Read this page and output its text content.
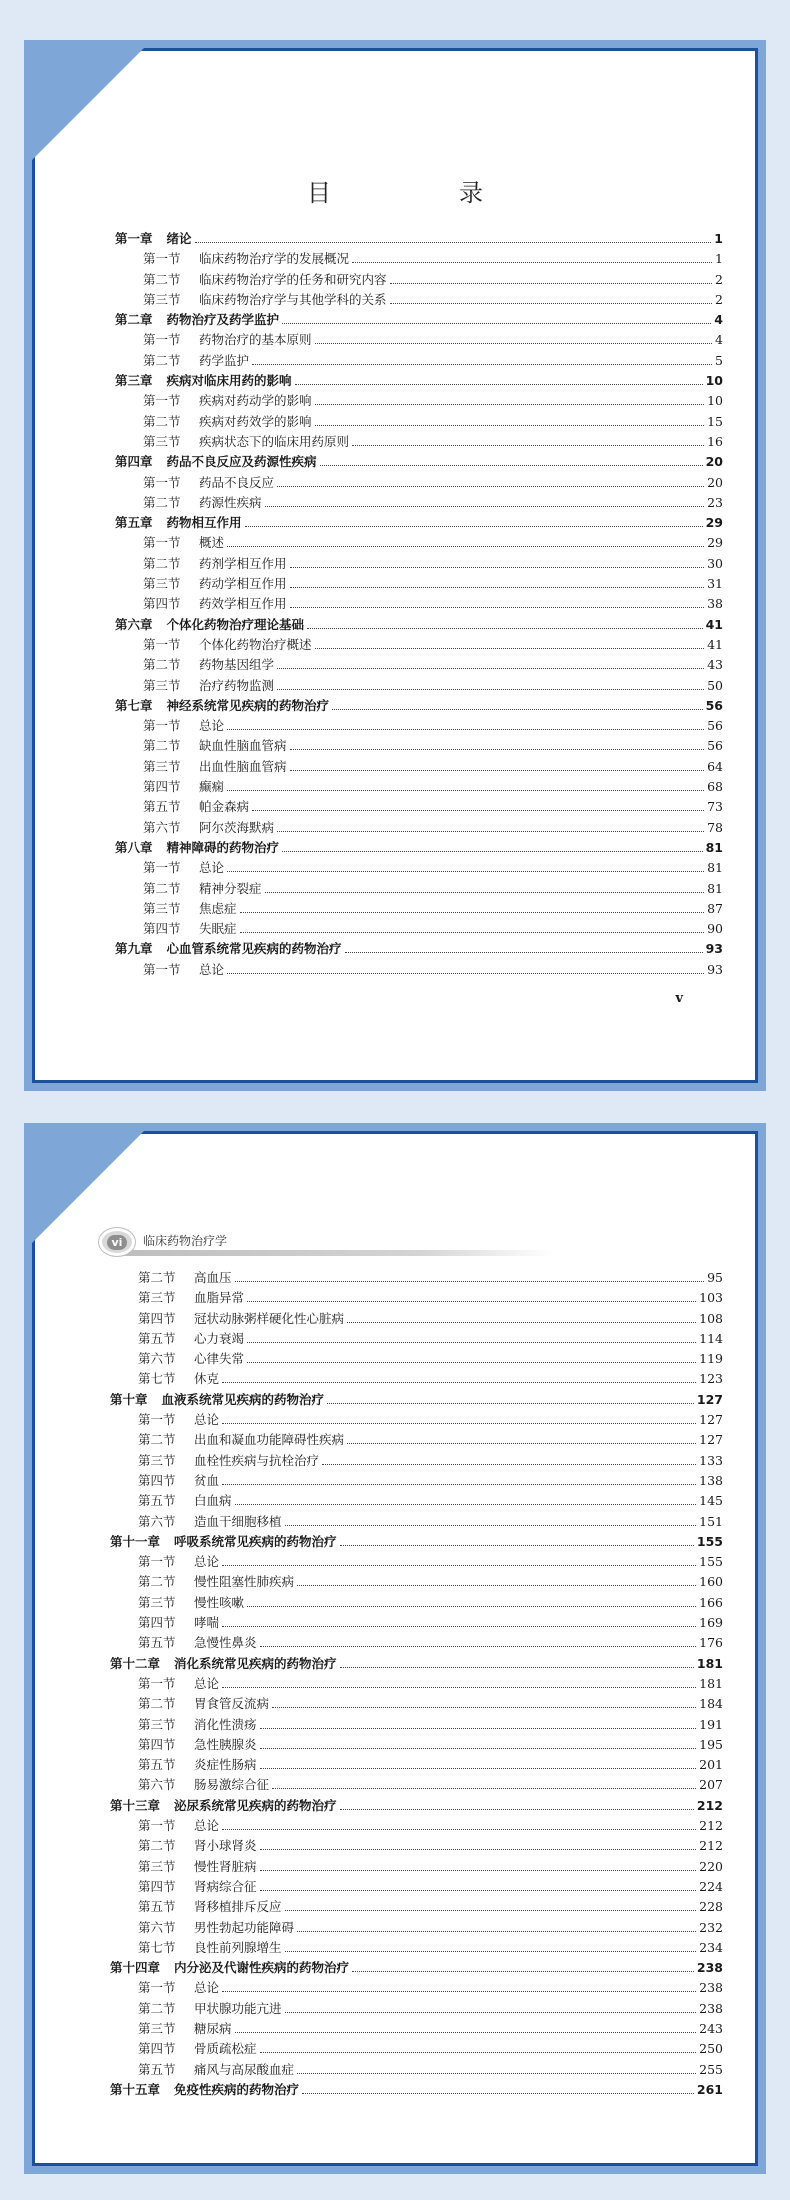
目　录
第一章 绪论	1
第一节	临床药物治疗学的发展概况	1
第二节	临床药物治疗学的任务和研究内容	2
第三节	临床药物治疗学与其他学科的关系	2
第二章 药物治疗及药学监护	4
第一节	药物治疗的基本原则	4
第二节	药学监护	5
第三章 疾病对临床用药的影响	10
第一节	疾病对药动学的影响	10
第二节	疾病对药效学的影响	15
第三节	疾病状态下的临床用药原则	16
第四章 药品不良反应及药源性疾病	20
第一节	药品不良反应	20
第二节	药源性疾病	23
第五章 药物相互作用	29
第一节	概述	29
第二节	药剂学相互作用	30
第三节	药动学相互作用	31
第四节	药效学相互作用	38
第六章 个体化药物治疗理论基础	41
第一节	个体化药物治疗概述	41
第二节	药物基因组学	43
第三节	治疗药物监测	50
第七章 神经系统常见疾病的药物治疗	56
第一节	总论	56
第二节	缺血性脑血管病	56
第三节	出血性脑血管病	64
第四节	癫痫	68
第五节	帕金森病	73
第六节	阿尔茨海默病	78
第八章 精神障碍的药物治疗	81
第一节	总论	81
第二节	精神分裂症	81
第三节	焦虑症	87
第四节	失眠症	90
第九章 心血管系统常见疾病的药物治疗	93
第一节	总论	93
v
vi	临床药物治疗学
第二节	高血压	95
第三节	血脂异常	103
第四节	冠状动脉粥样硬化性心脏病	108
第五节	心力衰竭	114
第六节	心律失常	119
第七节	休克	123
第十章 血液系统常见疾病的药物治疗	127
第一节	总论	127
第二节	出血和凝血功能障碍性疾病	127
第三节	血栓性疾病与抗栓治疗	133
第四节	贫血	138
第五节	白血病	145
第六节	造血干细胞移植	151
第十一章 呼吸系统常见疾病的药物治疗	155
第一节	总论	155
第二节	慢性阻塞性肺疾病	160
第三节	慢性咳嗽	166
第四节	哮喘	169
第五节	急慢性鼻炎	176
第十二章 消化系统常见疾病的药物治疗	181
第一节	总论	181
第二节	胃食管反流病	184
第三节	消化性溃疡	191
第四节	急性胰腺炎	195
第五节	炎症性肠病	201
第六节	肠易激综合征	207
第十三章 泌尿系统常见疾病的药物治疗	212
第一节	总论	212
第二节	肾小球肾炎	212
第三节	慢性肾脏病	220
第四节	肾病综合征	224
第五节	肾移植排斥反应	228
第六节	男性勃起功能障碍	232
第七节	良性前列腺增生	234
第十四章 内分泌及代谢性疾病的药物治疗	238
第一节	总论	238
第二节	甲状腺功能亢进	238
第三节	糖尿病	243
第四节	骨质疏松症	250
第五节	痛风与高尿酸血症	255
第十五章 免疫性疾病的药物治疗	261
